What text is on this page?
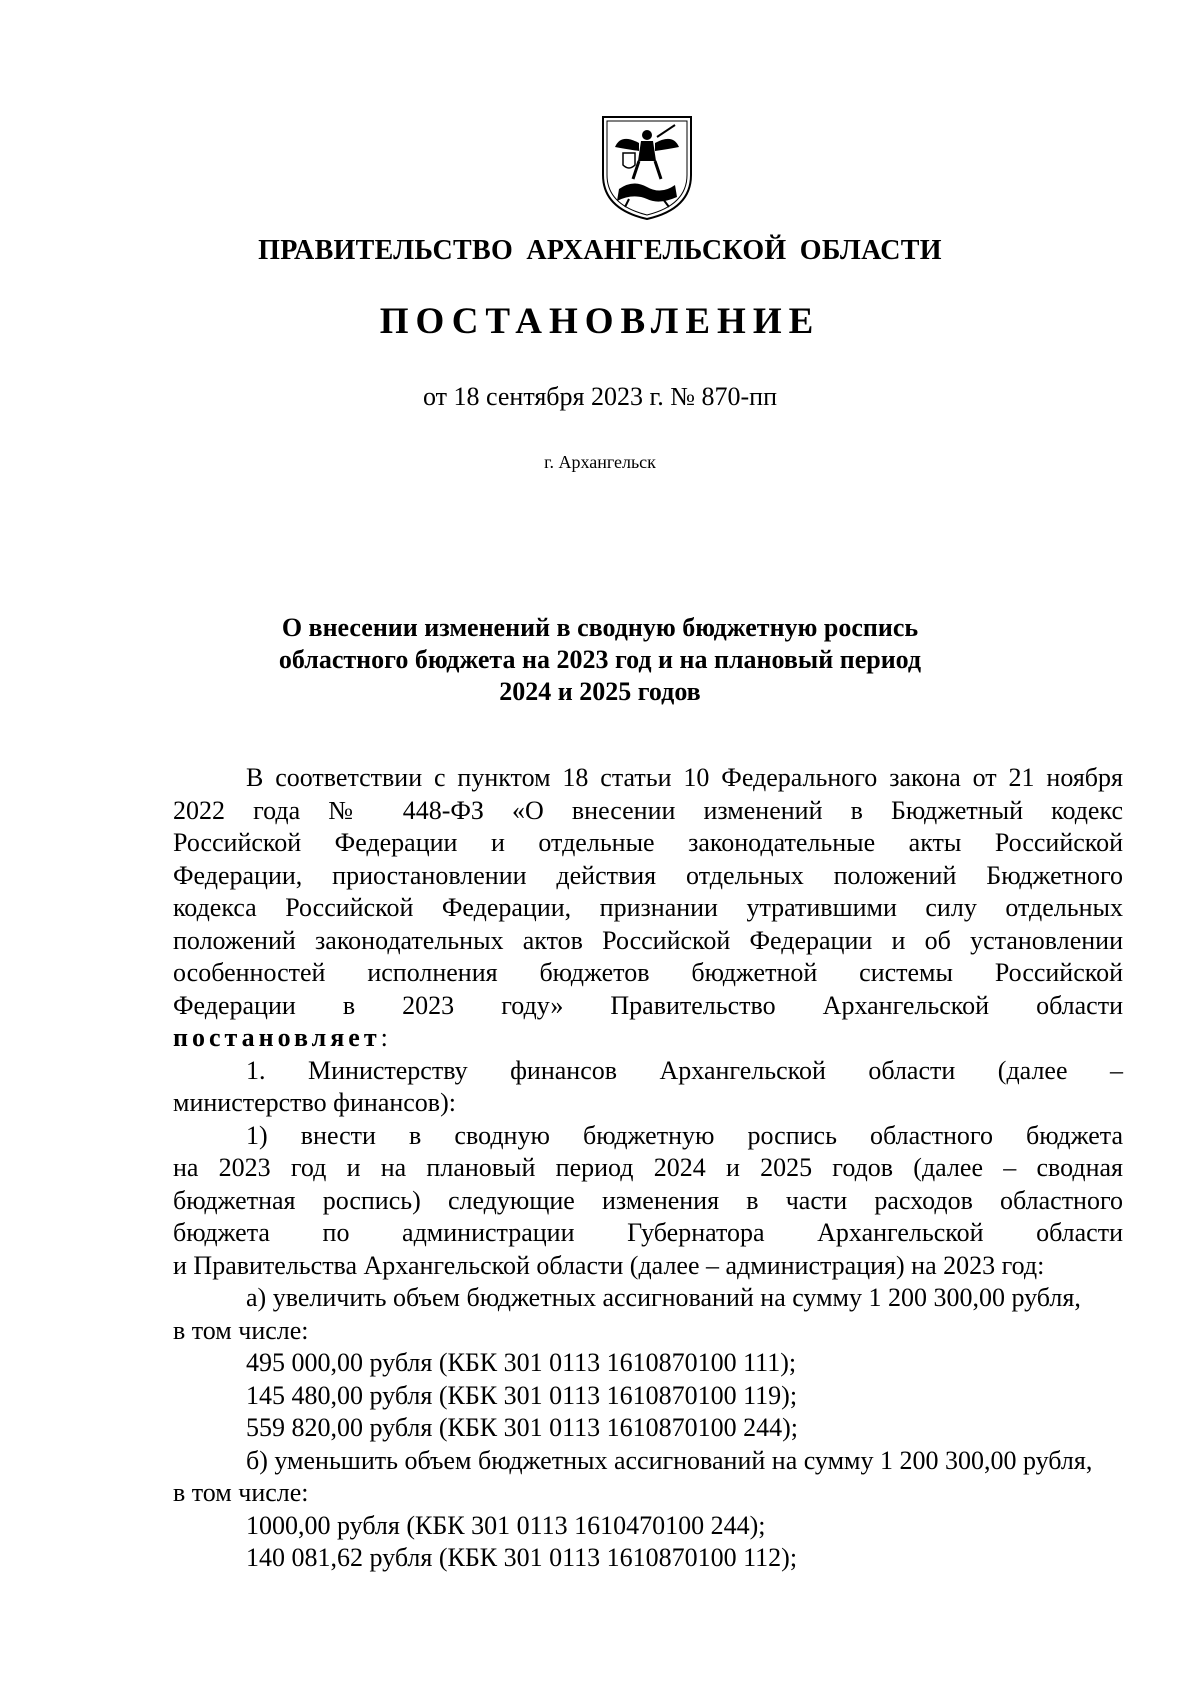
ПРАВИТЕЛЬСТВО АРХАНГЕЛЬСКОЙ ОБЛАСТИ
ПОСТАНОВЛЕНИЕ
от 18 сентября 2023 г. № 870-пп
г. Архангельск
О внесении изменений в сводную бюджетную роспись
областного бюджета на 2023 год и на плановый период
2024 и 2025 годов
В соответствии с пунктом 18 статьи 10 Федерального закона от 21 ноября
2022 года № 448-ФЗ «О внесении изменений в Бюджетный кодекс
Российской Федерации и отдельные законодательные акты Российской
Федерации, приостановлении действия отдельных положений Бюджетного
кодекса Российской Федерации, признании утратившими силу отдельных
положений законодательных актов Российской Федерации и об установлении
особенностей исполнения бюджетов бюджетной системы Российской
Федерации в 2023 году» Правительство Архангельской области
постановляет:
1. Министерству финансов Архангельской области (далее –
министерство финансов):
1) внести в сводную бюджетную роспись областного бюджета
на 2023 год и на плановый период 2024 и 2025 годов (далее – сводная
бюджетная роспись) следующие изменения в части расходов областного
бюджета по администрации Губернатора Архангельской области
и Правительства Архангельской области (далее – администрация) на 2023 год:
а) увеличить объем бюджетных ассигнований на сумму 1 200 300,00 рубля,
в том числе:
495 000,00 рубля (КБК 301 0113 1610870100 111);
145 480,00 рубля (КБК 301 0113 1610870100 119);
559 820,00 рубля (КБК 301 0113 1610870100 244);
б) уменьшить объем бюджетных ассигнований на сумму 1 200 300,00 рубля,
в том числе:
1000,00 рубля (КБК 301 0113 1610470100 244);
140 081,62 рубля (КБК 301 0113 1610870100 112);
